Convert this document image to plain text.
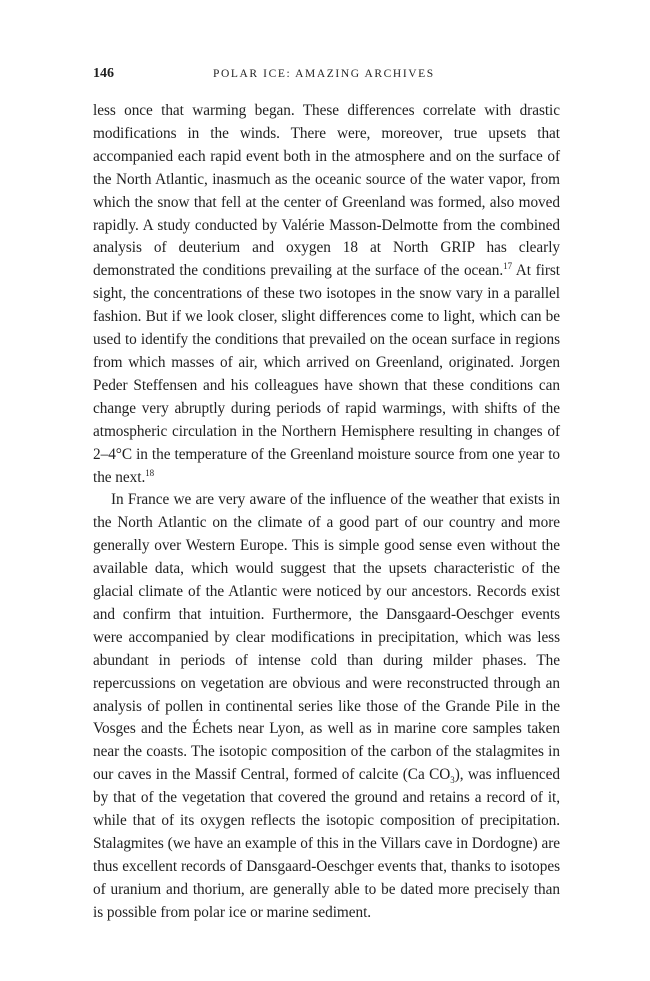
146	POLAR ICE: AMAZING ARCHIVES

less once that warming began. These differences correlate with drastic modifications in the winds. There were, moreover, true upsets that accompanied each rapid event both in the atmosphere and on the surface of the North Atlantic, inasmuch as the oceanic source of the water vapor, from which the snow that fell at the center of Greenland was formed, also moved rapidly. A study conducted by Valérie Masson-Delmotte from the combined analysis of deuterium and oxygen 18 at North GRIP has clearly demonstrated the conditions prevailing at the surface of the ocean.$^{17}$ At first sight, the concentrations of these two isotopes in the snow vary in a parallel fashion. But if we look closer, slight differences come to light, which can be used to identify the conditions that prevailed on the ocean surface in regions from which masses of air, which arrived on Greenland, originated. Jorgen Peder Steffensen and his colleagues have shown that these conditions can change very abruptly during periods of rapid warmings, with shifts of the atmospheric circulation in the Northern Hemisphere resulting in changes of 2–4°C in the temperature of the Greenland moisture source from one year to the next.$^{18}$

In France we are very aware of the influence of the weather that exists in the North Atlantic on the climate of a good part of our country and more generally over Western Europe. This is simple good sense even without the available data, which would suggest that the upsets characteristic of the glacial climate of the Atlantic were noticed by our ancestors. Records exist and confirm that intuition. Furthermore, the Dansgaard-Oeschger events were accompanied by clear modifications in precipitation, which was less abundant in periods of intense cold than during milder phases. The repercussions on vegetation are obvious and were reconstructed through an analysis of pollen in continental series like those of the Grande Pile in the Vosges and the Échets near Lyon, as well as in marine core samples taken near the coasts. The isotopic composition of the carbon of the stalagmites in our caves in the Massif Central, formed of calcite (Ca $CO_3$), was influenced by that of the vegetation that covered the ground and retains a record of it, while that of its oxygen reflects the isotopic composition of precipitation. Stalagmites (we have an example of this in the Villars cave in Dordogne) are thus excellent records of Dansgaard-Oeschger events that, thanks to isotopes of uranium and thorium, are generally able to be dated more precisely than is possible from polar ice or marine sediment.
